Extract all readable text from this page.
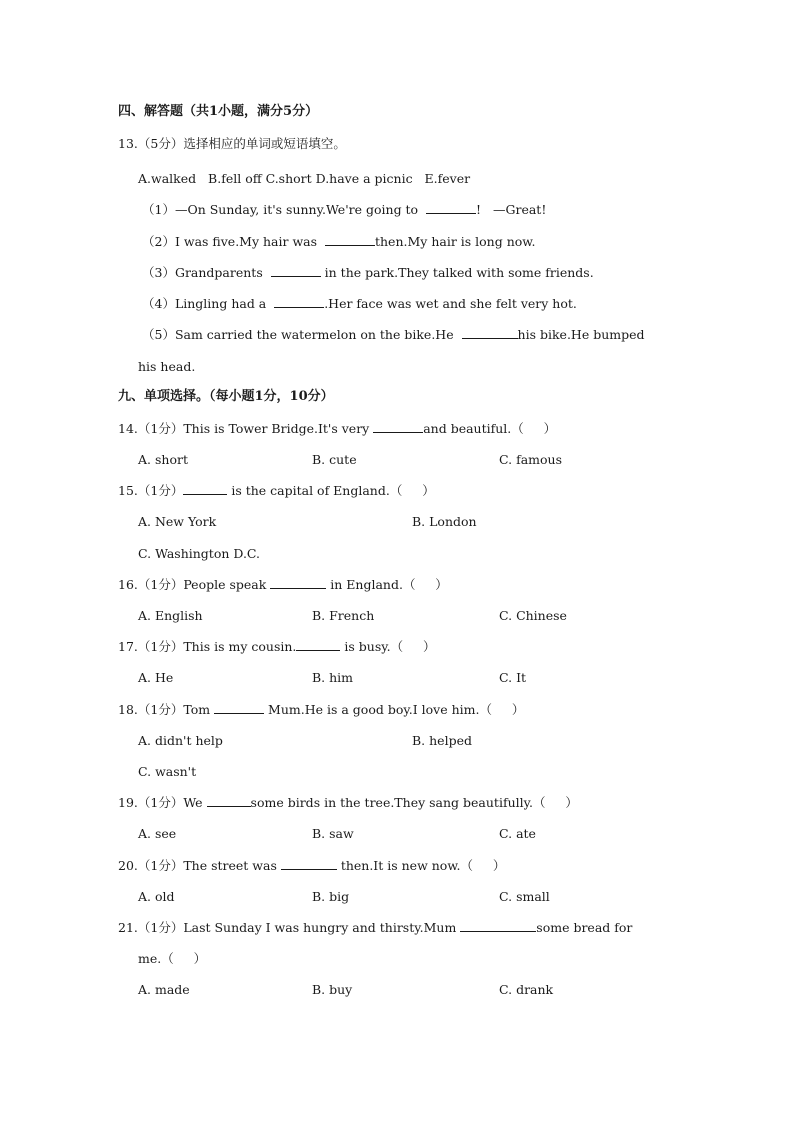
四、解答题（共1小题，满分5分）
13.（5分）选择相应的单词或短语填空。
A.walked   B.fell off C.short D.have a picnic   E.fever
（1）—On Sunday, it's sunny.We're going to	!   —Great!
（2）I was five.My hair was	then.My hair is long now.
（3）Grandparents	in the park.They talked with some friends.
（4）Lingling had a	.Her face was wet and she felt very hot.
（5）Sam carried the watermelon on the bike.He	his bike.He bumped
his head.
九、单项选择。（每小题1分，10分）
14.（1分）This is Tower Bridge.It's very	and beautiful.（     ）
A. short	B. cute	C. famous
15.（1分）	is the capital of England.（     ）
A. New York	B. London
C. Washington D.C.
16.（1分）People speak	in England.（     ）
A. English	B. French	C. Chinese
17.（1分）This is my cousin.	is busy.（     ）
A. He	B. him	C. It
18.（1分）Tom	Mum.He is a good boy.I love him.（     ）
A. didn't help	B. helped
C. wasn't
19.（1分）We	some birds in the tree.They sang beautifully.（     ）
A. see	B. saw	C. ate
20.（1分）The street was	then.It is new now.（     ）
A. old	B. big	C. small
21.（1分）Last Sunday I was hungry and thirsty.Mum	some bread for
me.（     ）
A. made	B. buy	C. drank
